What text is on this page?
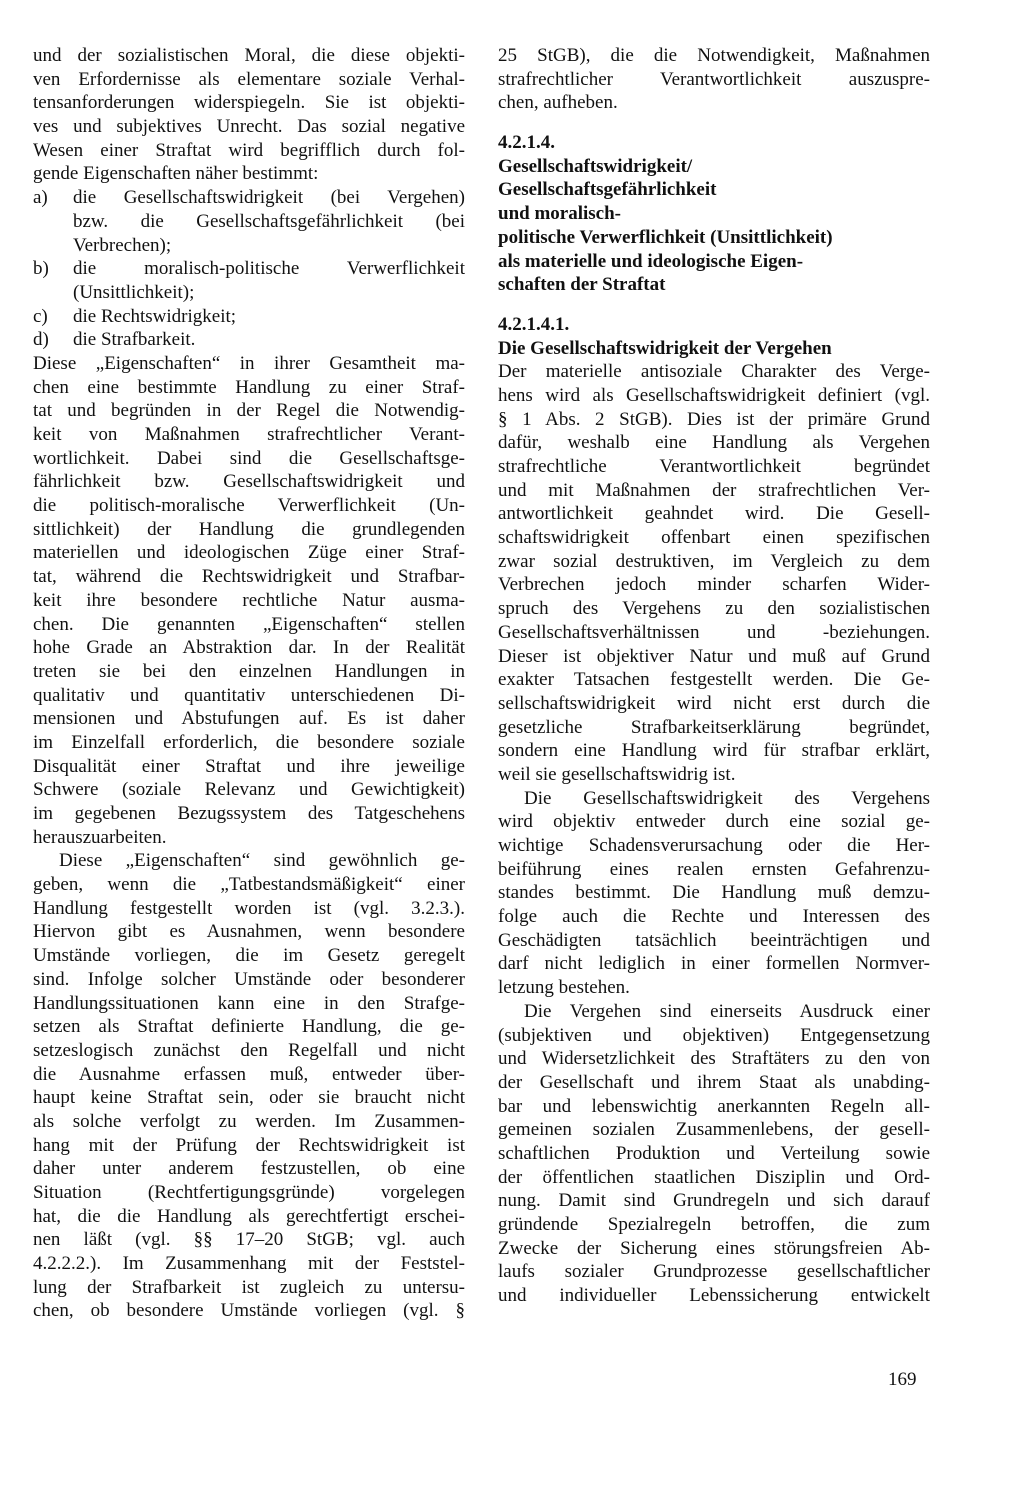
und der sozialistischen Moral, die diese objekti-
ven Erfordernisse als elementare soziale Verhal-
tensanforderungen widerspiegeln. Sie ist objekti-
ves und subjektives Unrecht. Das sozial negative
Wesen einer Straftat wird begrifflich durch fol-
gende Eigenschaften näher bestimmt:
a)	die Gesellschaftswidrigkeit (bei Vergehen)
bzw. die Gesellschaftsgefährlichkeit (bei
Verbrechen);
b)	die moralisch-politische Verwerflichkeit
(Unsittlichkeit);
c)	die Rechtswidrigkeit;
d)	die Strafbarkeit.
Diese „Eigenschaften“ in ihrer Gesamtheit ma-
chen eine bestimmte Handlung zu einer Straf-
tat und begründen in der Regel die Notwendig-
keit von Maßnahmen strafrechtlicher Verant-
wortlichkeit. Dabei sind die Gesellschaftsge-
fährlichkeit bzw. Gesellschaftswidrigkeit und
die politisch-moralische Verwerflichkeit (Un-
sittlichkeit) der Handlung die grundlegenden
materiellen und ideologischen Züge einer Straf-
tat, während die Rechtswidrigkeit und Strafbar-
keit ihre besondere rechtliche Natur ausma-
chen. Die genannten „Eigenschaften“ stellen
hohe Grade an Abstraktion dar. In der Realität
treten sie bei den einzelnen Handlungen in
qualitativ und quantitativ unterschiedenen Di-
mensionen und Abstufungen auf. Es ist daher
im Einzelfall erforderlich, die besondere soziale
Disqualität einer Straftat und ihre jeweilige
Schwere (soziale Relevanz und Gewichtigkeit)
im gegebenen Bezugssystem des Tatgeschehens
herauszuarbeiten.
Diese „Eigenschaften“ sind gewöhnlich ge-
geben, wenn die „Tatbestandsmäßigkeit“ einer
Handlung festgestellt worden ist (vgl. 3.2.3.).
Hiervon gibt es Ausnahmen, wenn besondere
Umstände vorliegen, die im Gesetz geregelt
sind. Infolge solcher Umstände oder besonderer
Handlungssituationen kann eine in den Strafge-
setzen als Straftat definierte Handlung, die ge-
setzeslogisch zunächst den Regelfall und nicht
die Ausnahme erfassen muß, entweder über-
haupt keine Straftat sein, oder sie braucht nicht
als solche verfolgt zu werden. Im Zusammen-
hang mit der Prüfung der Rechtswidrigkeit ist
daher unter anderem festzustellen, ob eine
Situation (Rechtfertigungsgründe) vorgelegen
hat, die die Handlung als gerechtfertigt erschei-
nen läßt (vgl. §§ 17–20 StGB; vgl. auch
4.2.2.2.). Im Zusammenhang mit der Feststel-
lung der Strafbarkeit ist zugleich zu untersu-
chen, ob besondere Umstände vorliegen (vgl. §
25 StGB), die die Notwendigkeit, Maßnahmen
strafrechtlicher Verantwortlichkeit auszuspre-
chen, aufheben.
4.2.1.4.
Gesellschaftswidrigkeit/
Gesellschaftsgefährlichkeit
und moralisch-
politische Verwerflichkeit (Unsittlichkeit)
als materielle und ideologische Eigen-
schaften der Straftat
4.2.1.4.1.
Die Gesellschaftswidrigkeit der Vergehen
Der materielle antisoziale Charakter des Verge-
hens wird als Gesellschaftswidrigkeit definiert (vgl.
§ 1 Abs. 2 StGB). Dies ist der primäre Grund
dafür, weshalb eine Handlung als Vergehen
strafrechtliche Verantwortlichkeit begründet
und mit Maßnahmen der strafrechtlichen Ver-
antwortlichkeit geahndet wird. Die Gesell-
schaftswidrigkeit offenbart einen spezifischen
zwar sozial destruktiven, im Vergleich zu dem
Verbrechen jedoch minder scharfen Wider-
spruch des Vergehens zu den sozialistischen
Gesellschaftsverhältnissen und -beziehungen.
Dieser ist objektiver Natur und muß auf Grund
exakter Tatsachen festgestellt werden. Die Ge-
sellschaftswidrigkeit wird nicht erst durch die
gesetzliche Strafbarkeitserklärung begründet,
sondern eine Handlung wird für strafbar erklärt,
weil sie gesellschaftswidrig ist.
Die Gesellschaftswidrigkeit des Vergehens
wird objektiv entweder durch eine sozial ge-
wichtige Schadensverursachung oder die Her-
beiführung eines realen ernsten Gefahrenzu-
standes bestimmt. Die Handlung muß demzu-
folge auch die Rechte und Interessen des
Geschädigten tatsächlich beeinträchtigen und
darf nicht lediglich in einer formellen Normver-
letzung bestehen.
Die Vergehen sind einerseits Ausdruck einer
(subjektiven und objektiven) Entgegensetzung
und Widersetzlichkeit des Straftäters zu den von
der Gesellschaft und ihrem Staat als unabding-
bar und lebenswichtig anerkannten Regeln all-
gemeinen sozialen Zusammenlebens, der gesell-
schaftlichen Produktion und Verteilung sowie
der öffentlichen staatlichen Disziplin und Ord-
nung. Damit sind Grundregeln und sich darauf
gründende Spezialregeln betroffen, die zum
Zwecke der Sicherung eines störungsfreien Ab-
laufs sozialer Grundprozesse gesellschaftlicher
und individueller Lebenssicherung entwickelt
169
